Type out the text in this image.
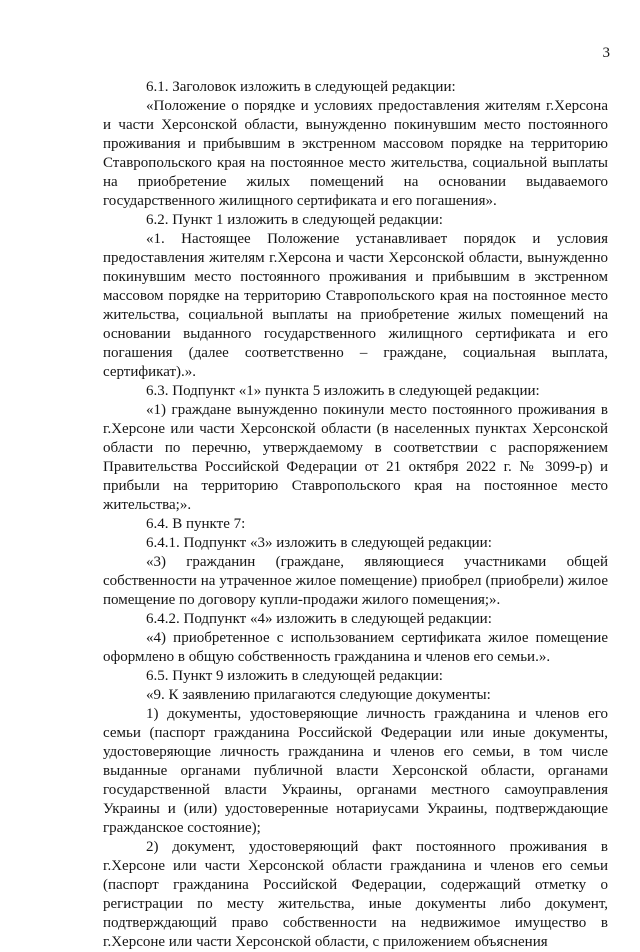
3

6.1. Заголовок изложить в следующей редакции:

«Положение о порядке и условиях предоставления жителям г.Херсона и части Херсонской области, вынужденно покинувшим место постоянного проживания и прибывшим в экстренном массовом порядке на территорию Ставропольского края на постоянное место жительства, социальной выплаты на приобретение жилых помещений на основании выдаваемого государственного жилищного сертификата и его погашения».

6.2. Пункт 1 изложить в следующей редакции:

«1. Настоящее Положение устанавливает порядок и условия предоставления жителям г.Херсона и части Херсонской области, вынужденно покинувшим место постоянного проживания и прибывшим в экстренном массовом порядке на территорию Ставропольского края на постоянное место жительства, социальной выплаты на приобретение жилых помещений на основании выданного государственного жилищного сертификата и его погашения (далее соответственно – граждане, социальная выплата, сертификат).».

6.3. Подпункт «1» пункта 5 изложить в следующей редакции:

«1) граждане вынужденно покинули место постоянного проживания в г.Херсоне или части Херсонской области (в населенных пунктах Херсонской области по перечню, утверждаемому в соответствии с распоряжением Правительства Российской Федерации от 21 октября 2022 г. № 3099-р) и прибыли на территорию Ставропольского края на постоянное место жительства;».

6.4. В пункте 7:

6.4.1. Подпункт «3» изложить в следующей редакции:

«3) гражданин (граждане, являющиеся участниками общей собственности на утраченное жилое помещение) приобрел (приобрели) жилое помещение по договору купли-продажи жилого помещения;».

6.4.2. Подпункт «4» изложить в следующей редакции:

«4) приобретенное с использованием сертификата жилое помещение оформлено в общую собственность гражданина и членов его семьи.».

6.5. Пункт 9 изложить в следующей редакции:

«9. К заявлению прилагаются следующие документы:

1) документы, удостоверяющие личность гражданина и членов его семьи (паспорт гражданина Российской Федерации или иные документы, удостоверяющие личность гражданина и членов его семьи, в том числе выданные органами публичной власти Херсонской области, органами государственной власти Украины, органами местного самоуправления Украины и (или) удостоверенные нотариусами Украины, подтверждающие гражданское состояние);

2) документ, удостоверяющий факт постоянного проживания в г.Херсоне или части Херсонской области гражданина и членов его семьи (паспорт гражданина Российской Федерации, содержащий отметку о регистрации по месту жительства, иные документы либо документ, подтверждающий право собственности на недвижимое имущество в г.Херсоне или части Херсонской области, с приложением объяснения
